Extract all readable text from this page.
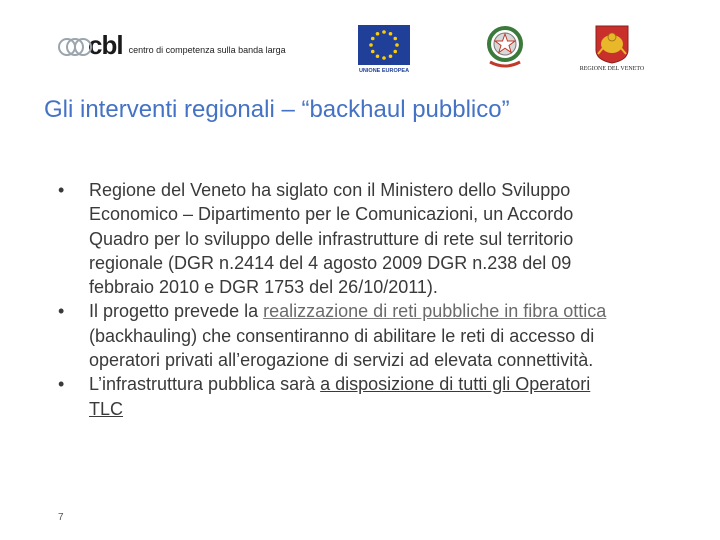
cbl centro di competenza sulla banda larga
UNIONE EUROPEA	REGIONE DEL VENETO
Gli interventi regionali – “backhaul pubblico”
• Regione del Veneto ha siglato con il Ministero dello Sviluppo Economico – Dipartimento per le Comunicazioni, un Accordo Quadro per lo sviluppo delle infrastrutture di rete sul territorio regionale (DGR n.2414 del 4 agosto 2009 DGR n.238 del 09 febbraio 2010 e DGR 1753 del 26/10/2011).
• Il progetto prevede la realizzazione di reti pubbliche in fibra ottica (backhauling) che consentiranno di abilitare le reti di accesso di operatori privati all’erogazione di servizi ad elevata connettività.
• L’infrastruttura pubblica sarà a disposizione di tutti gli Operatori TLC
7
